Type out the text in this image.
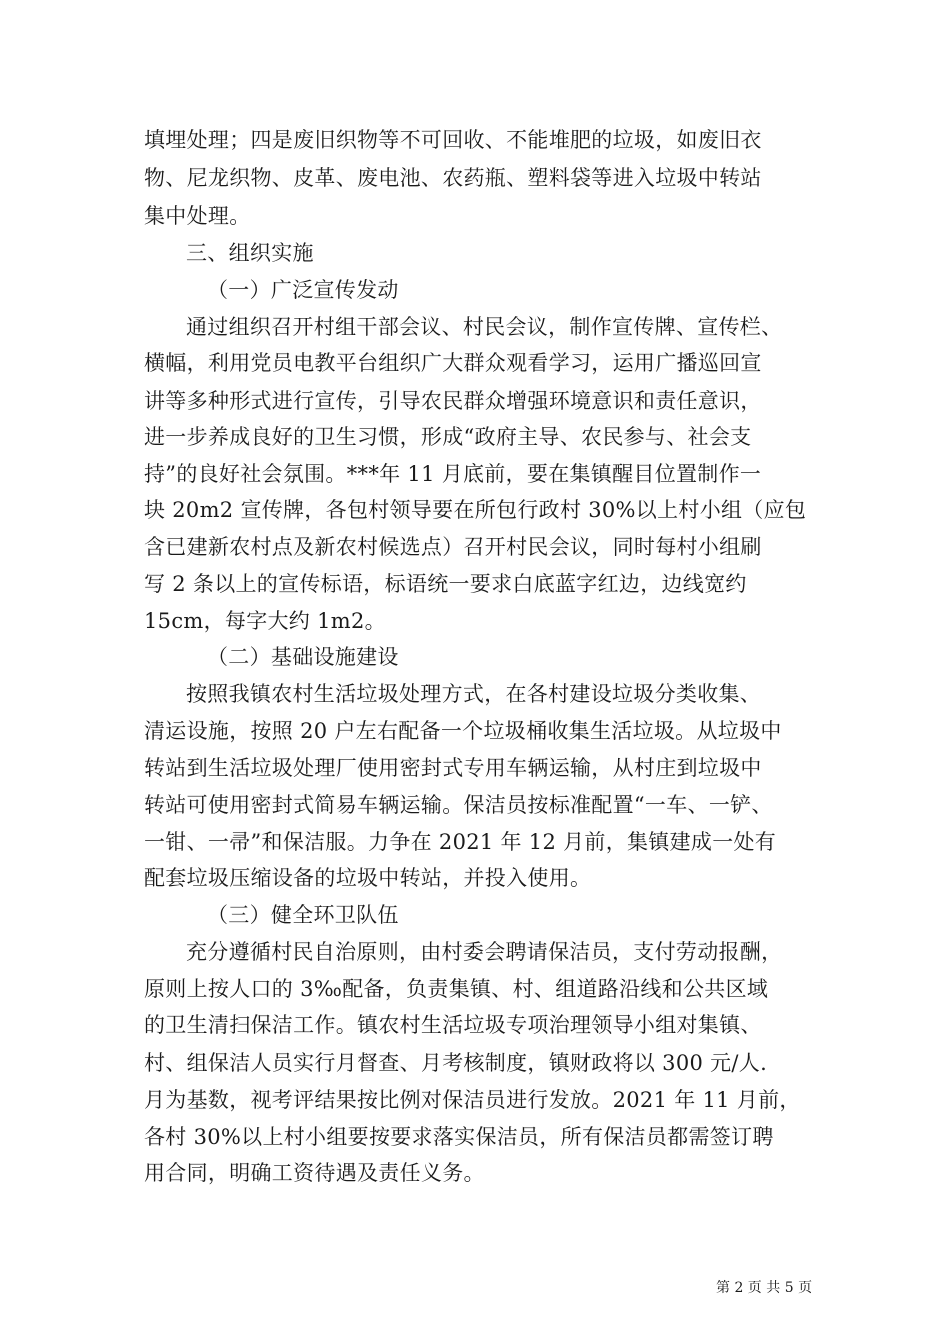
填埋处理；四是废旧织物等不可回收、不能堆肥的垃圾，如废旧衣
物、尼龙织物、皮革、废电池、农药瓶、塑料袋等进入垃圾中转站
集中处理。
三、组织实施
（一）广泛宣传发动
通过组织召开村组干部会议、村民会议，制作宣传牌、宣传栏、
横幅，利用党员电教平台组织广大群众观看学习，运用广播巡回宣
讲等多种形式进行宣传，引导农民群众增强环境意识和责任意识，
进一步养成良好的卫生习惯，形成“政府主导、农民参与、社会支
持”的良好社会氛围。***年 11 月底前，要在集镇醒目位置制作一
块 20m2 宣传牌，各包村领导要在所包行政村 30%以上村小组（应包
含已建新农村点及新农村候选点）召开村民会议，同时每村小组刷
写 2 条以上的宣传标语，标语统一要求白底蓝字红边，边线宽约
15cm，每字大约 1m2。
（二）基础设施建设
按照我镇农村生活垃圾处理方式，在各村建设垃圾分类收集、
清运设施，按照 20 户左右配备一个垃圾桶收集生活垃圾。从垃圾中
转站到生活垃圾处理厂使用密封式专用车辆运输，从村庄到垃圾中
转站可使用密封式简易车辆运输。保洁员按标准配置“一车、一铲、
一钳、一帚”和保洁服。力争在 2021 年 12 月前，集镇建成一处有
配套垃圾压缩设备的垃圾中转站，并投入使用。
（三）健全环卫队伍
充分遵循村民自治原则，由村委会聘请保洁员，支付劳动报酬，
原则上按人口的 3‰配备，负责集镇、村、组道路沿线和公共区域
的卫生清扫保洁工作。镇农村生活垃圾专项治理领导小组对集镇、
村、组保洁人员实行月督查、月考核制度，镇财政将以 300 元/人.
月为基数，视考评结果按比例对保洁员进行发放。2021 年 11 月前，
各村 30%以上村小组要按要求落实保洁员，所有保洁员都需签订聘
用合同，明确工资待遇及责任义务。
第 2 页 共 5 页
